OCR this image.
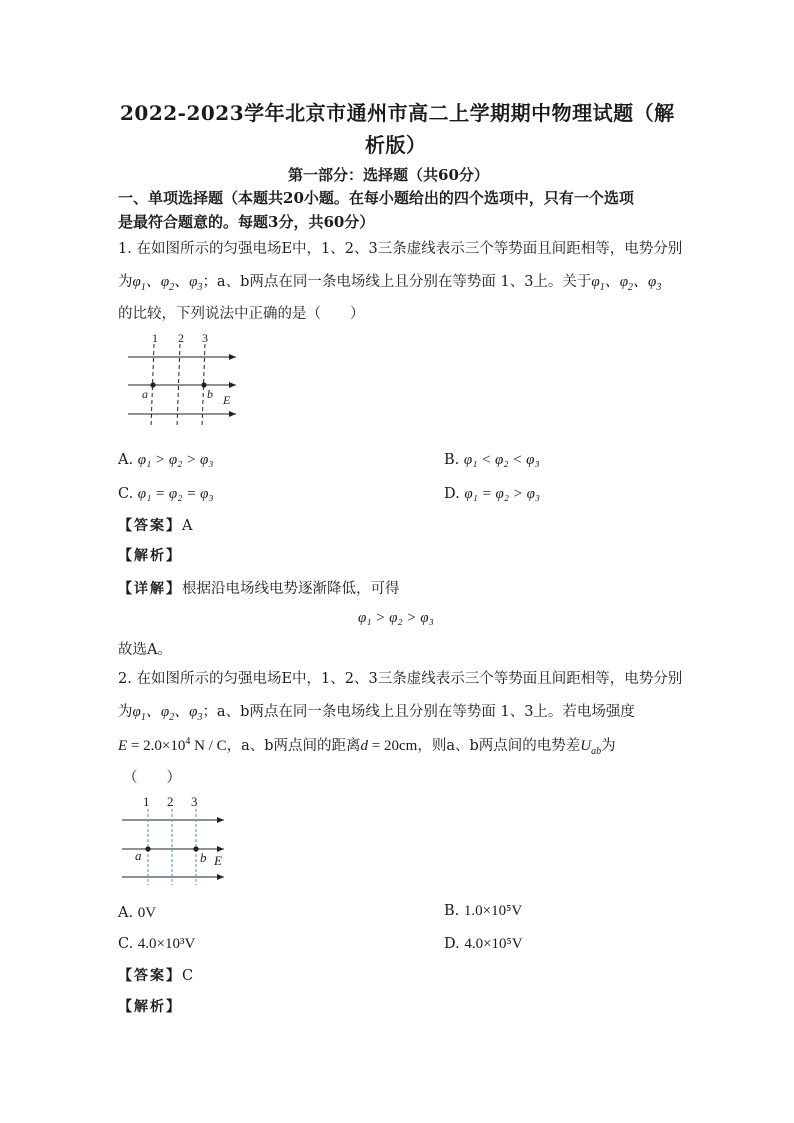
2022-2023学年北京市通州市高二上学期期中物理试题（解
析版）
第一部分：选择题（共60分）
一、单项选择题（本题共20小题。在每小题给出的四个选项中，只有一个选项
是最符合题意的。每题3分，共60分）
1. 在如图所示的匀强电场E中，1、2、3三条虚线表示三个等势面且间距相等，电势分别
为$\varphi_1$、$\varphi_2$、$\varphi_3$；a、b两点在同一条电场线上且分别在等势面 1、3上。关于$\varphi_1$、$\varphi_2$、$\varphi_3$
的比较，下列说法中正确的是（　　）
1 2 3
a	b E
A. φ₁ > φ₂ > φ₃	B. φ₁ < φ₂ < φ₃
C. φ₁ = φ₂ = φ₃	D. φ₁ = φ₂ > φ₃
【答案】A
【解析】
【详解】根据沿电场线电势逐渐降低，可得
φ₁ > φ₂ > φ₃
故选A。
2. 在如图所示的匀强电场E中，1、2、3三条虚线表示三个等势面且间距相等，电势分别
为$\varphi_1$、$\varphi_2$、$\varphi_3$；a、b两点在同一条电场线上且分别在等势面 1、3上。若电场强度
$E = 2.0\times 10^4$ N / C，a、b两点间的距离d = 20cm，则a、b两点间的电势差$U_{ab}$为
（　　）
1 2 3
a	b E
A. 0V	B. 1.0×10⁵V
C. 4.0×10³V	D. 4.0×10⁵V
【答案】C
【解析】
